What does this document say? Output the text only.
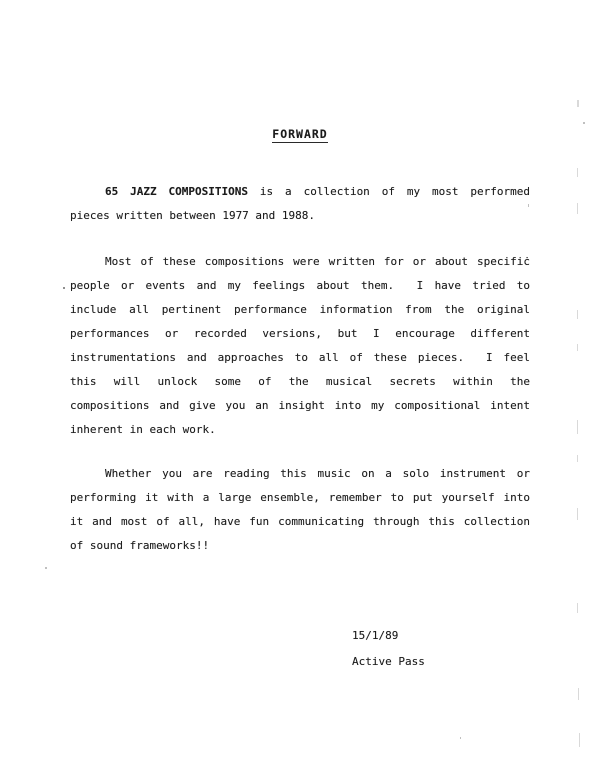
FORWARD
65 JAZZ COMPOSITIONS is a collection of my most performed
pieces written between 1977 and 1988.
Most of these compositions were written for or about specifiċ
people or events and my feelings about them.  I have tried to
include all pertinent performance information from the original
performances or recorded versions, but I encourage different
instrumentations and approaches to all of these pieces.  I feel
this will unlock some of the musical secrets within the
compositions and give you an insight into my compositional intent
inherent in each work.
Whether you are reading this music on a solo instrument or
performing it with a large ensemble, remember to put yourself into
it and most of all, have fun communicating through this collection
of sound frameworks!!
15/1/89
Active Pass
